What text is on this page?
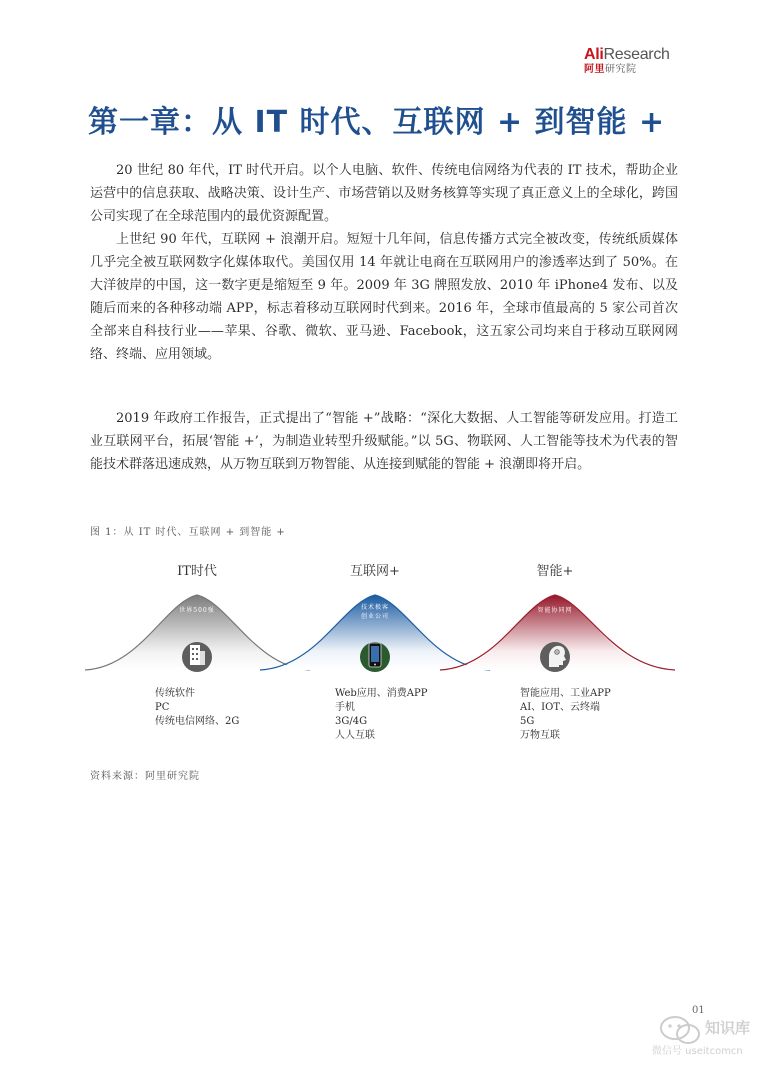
AliResearch
阿里研究院
第一章：从 IT 时代、互联网 + 到智能 +
20 世纪 80 年代，IT 时代开启。以个人电脑、软件、传统电信网络为代表的 IT 技术，帮助企业运营中的信息获取、战略决策、设计生产、市场营销以及财务核算等实现了真正意义上的全球化，跨国公司实现了在全球范围内的最优资源配置。
上世纪 90 年代，互联网 + 浪潮开启。短短十几年间，信息传播方式完全被改变，传统纸质媒体几乎完全被互联网数字化媒体取代。美国仅用 14 年就让电商在互联网用户的渗透率达到了 50%。在大洋彼岸的中国，这一数字更是缩短至 9 年。2009 年 3G 牌照发放、2010 年 iPhone4 发布、以及随后而来的各种移动端 APP，标志着移动互联网时代到来。2016 年，全球市值最高的 5 家公司首次全部来自科技行业——苹果、谷歌、微软、亚马逊、Facebook，这五家公司均来自于移动互联网网络、终端、应用领域。
2019 年政府工作报告，正式提出了“智能 +”战略：“深化大数据、人工智能等研发应用。打造工业互联网平台，拓展‘智能 +’，为制造业转型升级赋能。”以 5G、物联网、人工智能等技术为代表的智能技术群落迅速成熟，从万物互联到万物智能、从连接到赋能的智能 + 浪潮即将开启。
图 1：从 IT 时代、互联网 + 到智能 +
IT时代	互联网+	智能+
世界500强	技术极客
创业公司
智能协同网
传统软件
PC
传统电信网络、2G
Web应用、消费APP
手机
3G/4G
人人互联
智能应用、工业APP
AI、IOT、云终端
5G
万物互联
资料来源：阿里研究院
01
知识库
微信号 useitcomcn
